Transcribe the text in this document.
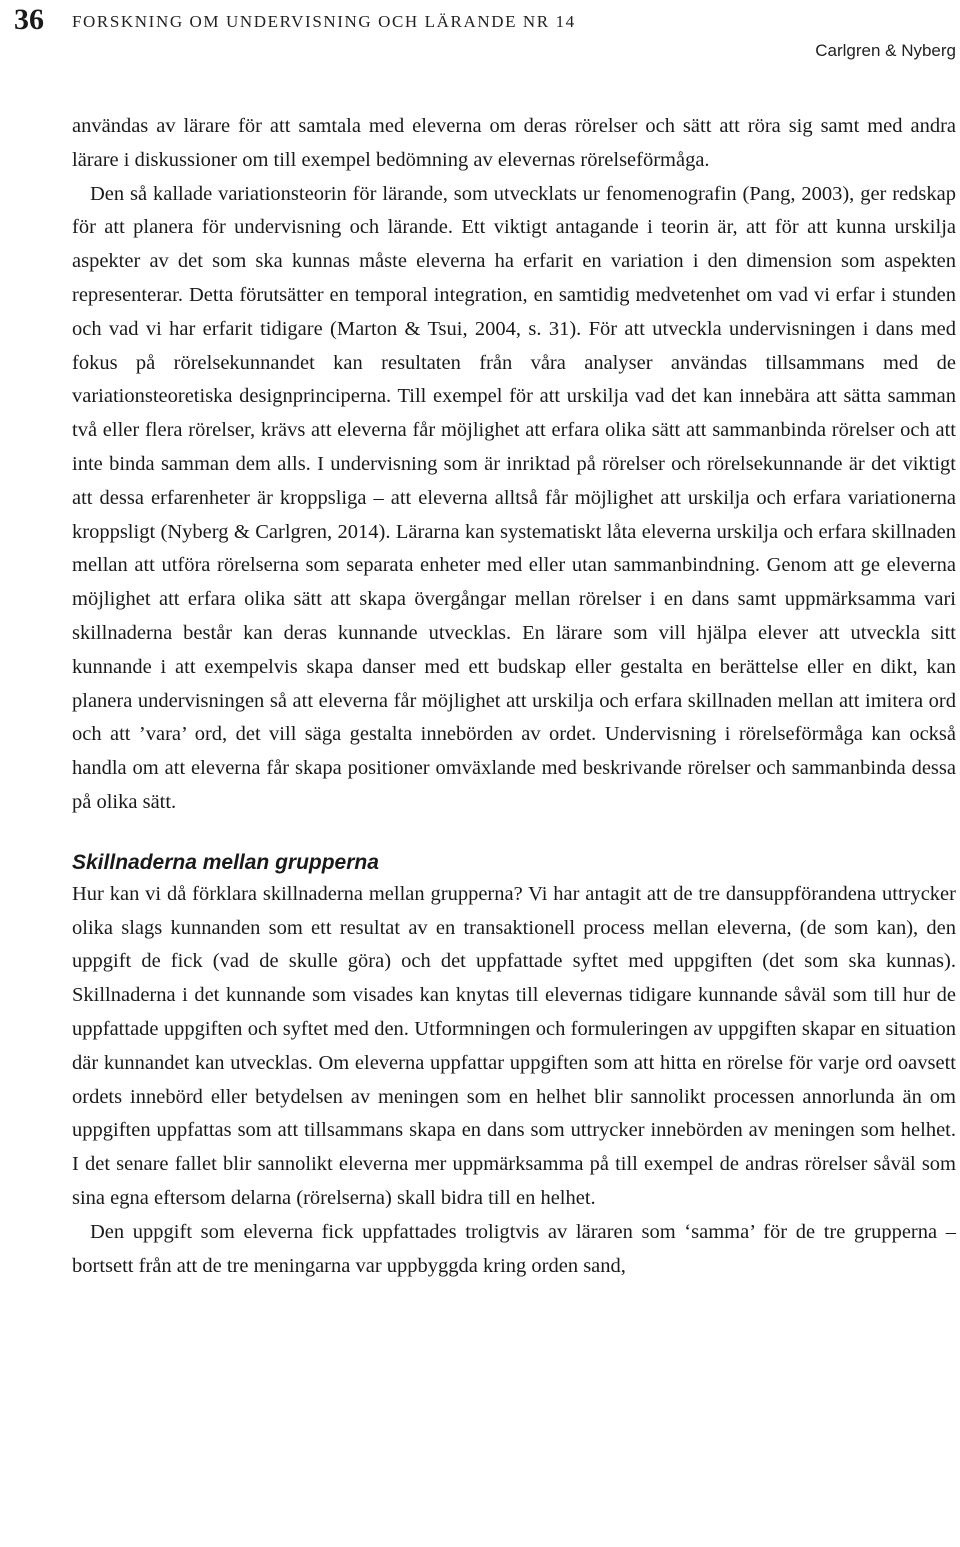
36 FORSKNING OM UNDERVISNING OCH LÄRANDE NR 14
Carlgren & Nyberg

användas av lärare för att samtala med eleverna om deras rörelser och sätt att röra sig samt med andra lärare i diskussioner om till exempel bedömning av elevernas rörelseförmåga.

Den så kallade variationsteorin för lärande, som utvecklats ur fenomenografin (Pang, 2003), ger redskap för att planera för undervisning och lärande. Ett viktigt antagande i teorin är, att för att kunna urskilja aspekter av det som ska kunnas måste eleverna ha erfarit en variation i den dimension som aspekten representerar. Detta förutsätter en temporal integration, en samtidig medvetenhet om vad vi erfar i stunden och vad vi har erfarit tidigare (Marton & Tsui, 2004, s. 31). För att utveckla undervisningen i dans med fokus på rörelsekunnandet kan resultaten från våra analyser användas tillsammans med de variationsteoretiska designprinciperna. Till exempel för att urskilja vad det kan innebära att sätta samman två eller flera rörelser, krävs att eleverna får möjlighet att erfara olika sätt att sammanbinda rörelser och att inte binda samman dem alls. I undervisning som är inriktad på rörelser och rörelsekunnande är det viktigt att dessa erfarenheter är kroppsliga – att eleverna alltså får möjlighet att urskilja och erfara variationerna kroppsligt (Nyberg & Carlgren, 2014). Lärarna kan systematiskt låta eleverna urskilja och erfara skillnaden mellan att utföra rörelserna som separata enheter med eller utan sammanbindning. Genom att ge eleverna möjlighet att erfara olika sätt att skapa övergångar mellan rörelser i en dans samt uppmärksamma vari skillnaderna består kan deras kunnande utvecklas. En lärare som vill hjälpa elever att utveckla sitt kunnande i att exempelvis skapa danser med ett budskap eller gestalta en berättelse eller en dikt, kan planera undervisningen så att eleverna får möjlighet att urskilja och erfara skillnaden mellan att imitera ord och att ’vara’ ord, det vill säga gestalta innebörden av ordet. Undervisning i rörelseförmåga kan också handla om att eleverna får skapa positioner omväxlande med beskrivande rörelser och sammanbinda dessa på olika sätt.

Skillnaderna mellan grupperna

Hur kan vi då förklara skillnaderna mellan grupperna? Vi har antagit att de tre dansuppförandena uttrycker olika slags kunnanden som ett resultat av en transaktionell process mellan eleverna, (de som kan), den uppgift de fick (vad de skulle göra) och det uppfattade syftet med uppgiften (det som ska kunnas). Skillnaderna i det kunnande som visades kan knytas till elevernas tidigare kunnande såväl som till hur de uppfattade uppgiften och syftet med den. Utformningen och formuleringen av uppgiften skapar en situation där kunnandet kan utvecklas. Om eleverna uppfattar uppgiften som att hitta en rörelse för varje ord oavsett ordets innebörd eller betydelsen av meningen som en helhet blir sannolikt processen annorlunda än om uppgiften uppfattas som att tillsammans skapa en dans som uttrycker innebörden av meningen som helhet. I det senare fallet blir sannolikt eleverna mer uppmärksamma på till exempel de andras rörelser såväl som sina egna eftersom delarna (rörelserna) skall bidra till en helhet.

Den uppgift som eleverna fick uppfattades troligtvis av läraren som ‘samma’ för de tre grupperna – bortsett från att de tre meningarna var uppbyggda kring orden sand,
